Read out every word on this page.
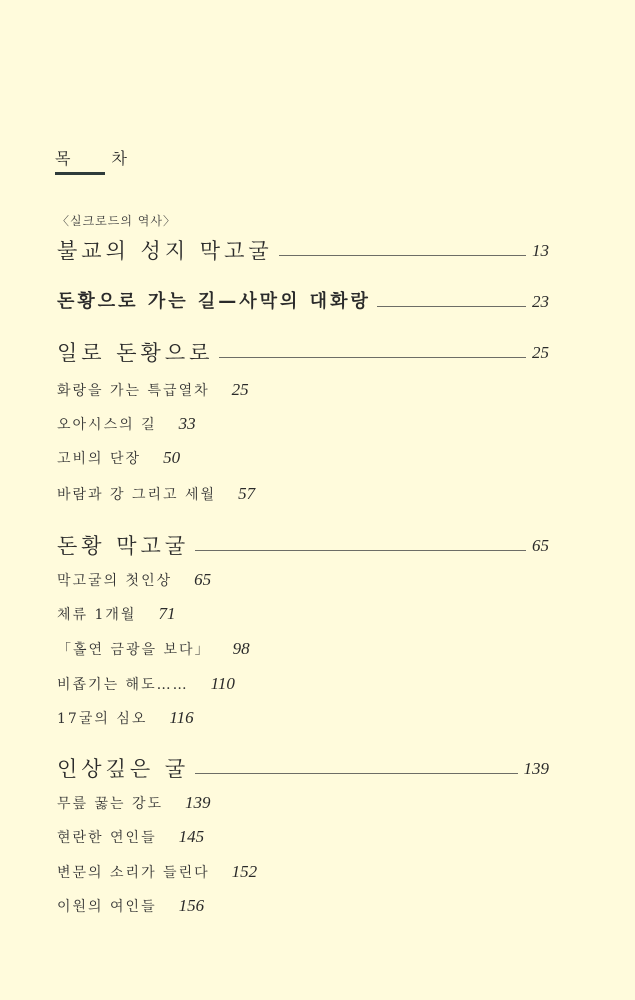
목 차
〈실크로드의 역사〉
불교의 성지 막고굴	13
돈황으로 가는 길—사막의 대화랑	23
일로 돈황으로	25
화랑을 가는 특급열차 25
오아시스의 길 33
고비의 단장 50
바람과 강 그리고 세월 57
돈황 막고굴	65
막고굴의 첫인상 65
체류 1개월 71
「홀연 금광을 보다」 98
비좁기는 해도…… 110
17굴의 심오 116
인상깊은 굴	139
무릎 꿇는 강도 139
현란한 연인들 145
변문의 소리가 들린다 152
이원의 여인들 156
